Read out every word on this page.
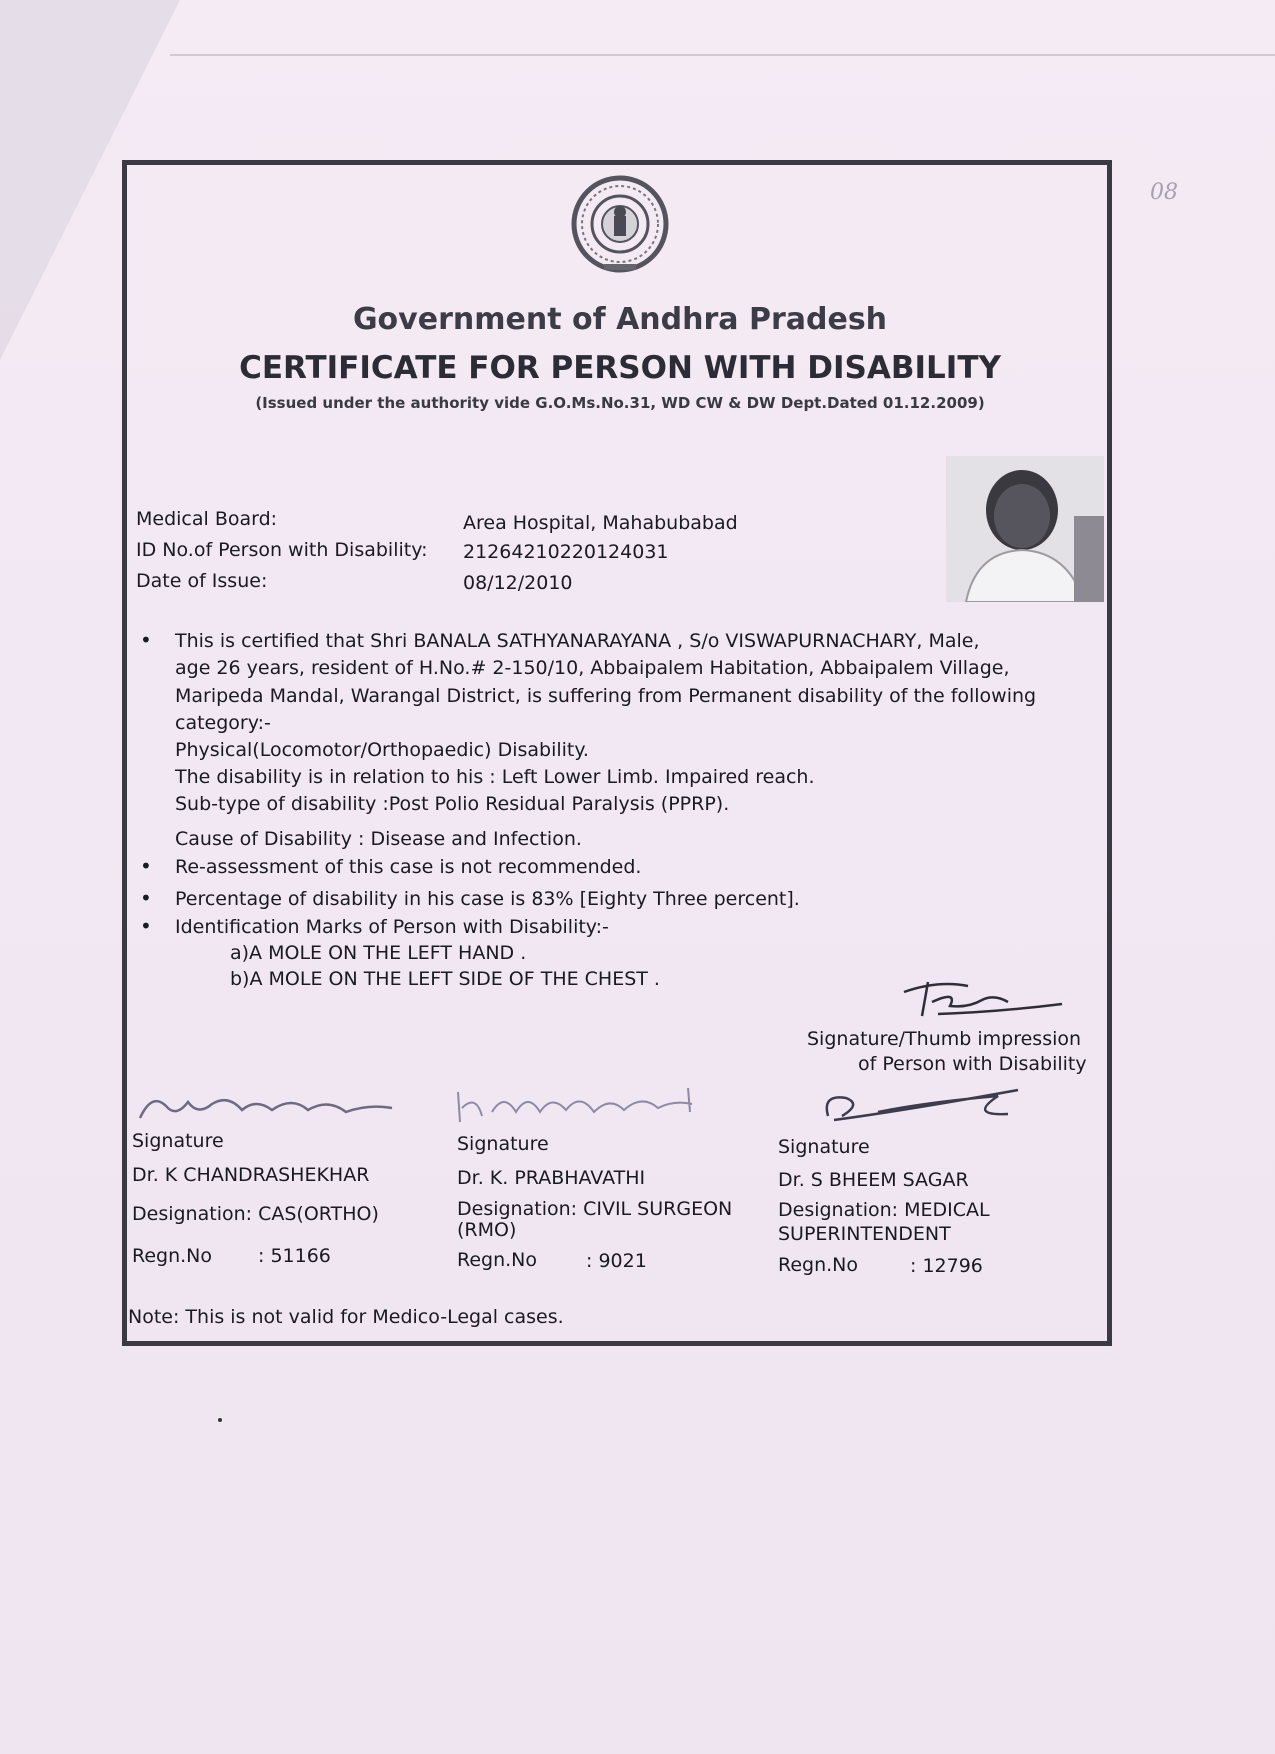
08
Government of Andhra Pradesh
CERTIFICATE FOR PERSON WITH DISABILITY
(Issued under the authority vide G.O.Ms.No.31, WD CW & DW Dept.Dated 01.12.2009)
Medical Board:	Area Hospital, Mahabubabad
ID No.of Person with Disability: 21264210220124031
Date of Issue:	08/12/2010
• This is certified that Shri BANALA SATHYANARAYANA , S/o VISWAPURNACHARY, Male,
age 26 years, resident of H.No.# 2-150/10, Abbaipalem Habitation, Abbaipalem Village,
Maripeda Mandal, Warangal District, is suffering from Permanent disability of the following
category:-
Physical(Locomotor/Orthopaedic) Disability.
The disability is in relation to his : Left Lower Limb. Impaired reach.
Sub-type of disability :Post Polio Residual Paralysis (PPRP).
Cause of Disability : Disease and Infection.
• Re-assessment of this case is not recommended.
• Percentage of disability in his case is 83% [Eighty Three percent].
• Identification Marks of Person with Disability:-
a)A MOLE ON THE LEFT HAND .
b)A MOLE ON THE LEFT SIDE OF THE CHEST .
Signature/Thumb impression
of Person with Disability
Signature
Dr. K CHANDRASHEKHAR
Designation: CAS(ORTHO)
Regn.No : 51166
Signature
Dr. K. PRABHAVATHI
Designation: CIVIL SURGEON
(RMO)
Regn.No	: 9021
Signature
Dr. S BHEEM SAGAR
Designation: MEDICAL
SUPERINTENDENT
Regn.No	: 12796
Note: This is not valid for Medico-Legal cases.
